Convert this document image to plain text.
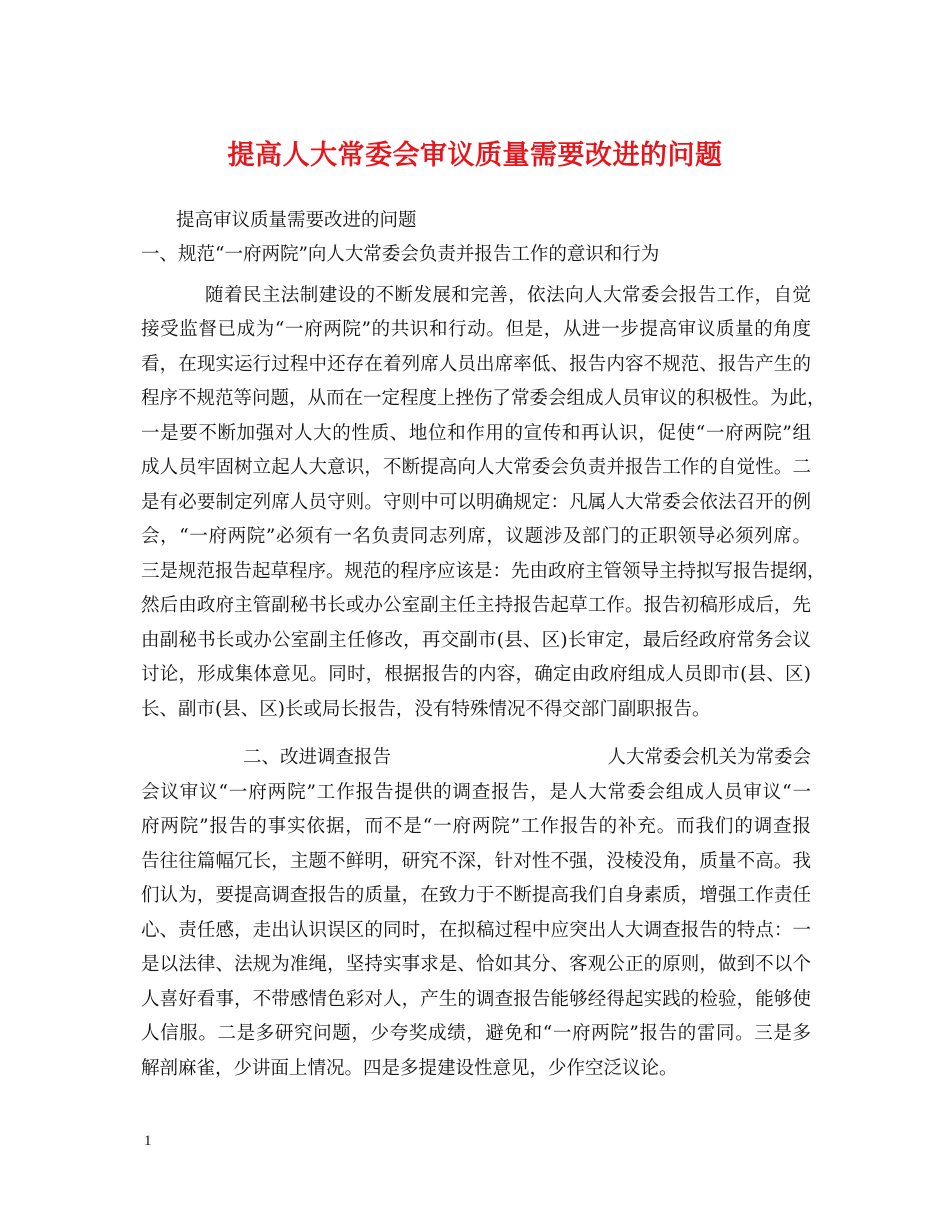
提高人大常委会审议质量需要改进的问题
提高审议质量需要改进的问题
一、规范“一府两院”向人大常委会负责并报告工作的意识和行为
随着民主法制建设的不断发展和完善，依法向人大常委会报告工作，自觉
接受监督已成为“一府两院”的共识和行动。但是，从进一步提高审议质量的角度
看，在现实运行过程中还存在着列席人员出席率低、报告内容不规范、报告产生的
程序不规范等问题，从而在一定程度上挫伤了常委会组成人员审议的积极性。为此，
一是要不断加强对人大的性质、地位和作用的宣传和再认识，促使“一府两院”组
成人员牢固树立起人大意识，不断提高向人大常委会负责并报告工作的自觉性。二
是有必要制定列席人员守则。守则中可以明确规定：凡属人大常委会依法召开的例
会，“一府两院”必须有一名负责同志列席，议题涉及部门的正职领导必须列席。
三是规范报告起草程序。规范的程序应该是：先由政府主管领导主持拟写报告提纲，
然后由政府主管副秘书长或办公室副主任主持报告起草工作。报告初稿形成后，先
由副秘书长或办公室副主任修改，再交副市(县、区)长审定，最后经政府常务会议
讨论，形成集体意见。同时，根据报告的内容，确定由政府组成人员即市(县、区)
长、副市(县、区)长或局长报告，没有特殊情况不得交部门副职报告。
二、改进调查报告	人大常委会机关为常委会
会议审议“一府两院”工作报告提供的调查报告，是人大常委会组成人员审议“一
府两院”报告的事实依据，而不是“一府两院”工作报告的补充。而我们的调查报
告往往篇幅冗长，主题不鲜明，研究不深，针对性不强，没棱没角，质量不高。我
们认为，要提高调查报告的质量，在致力于不断提高我们自身素质，增强工作责任
心、责任感，走出认识误区的同时，在拟稿过程中应突出人大调查报告的特点：一
是以法律、法规为准绳，坚持实事求是、恰如其分、客观公正的原则，做到不以个
人喜好看事，不带感情色彩对人，产生的调查报告能够经得起实践的检验，能够使
人信服。二是多研究问题，少夸奖成绩，避免和“一府两院”报告的雷同。三是多
解剖麻雀，少讲面上情况。四是多提建设性意见，少作空泛议论。
1
